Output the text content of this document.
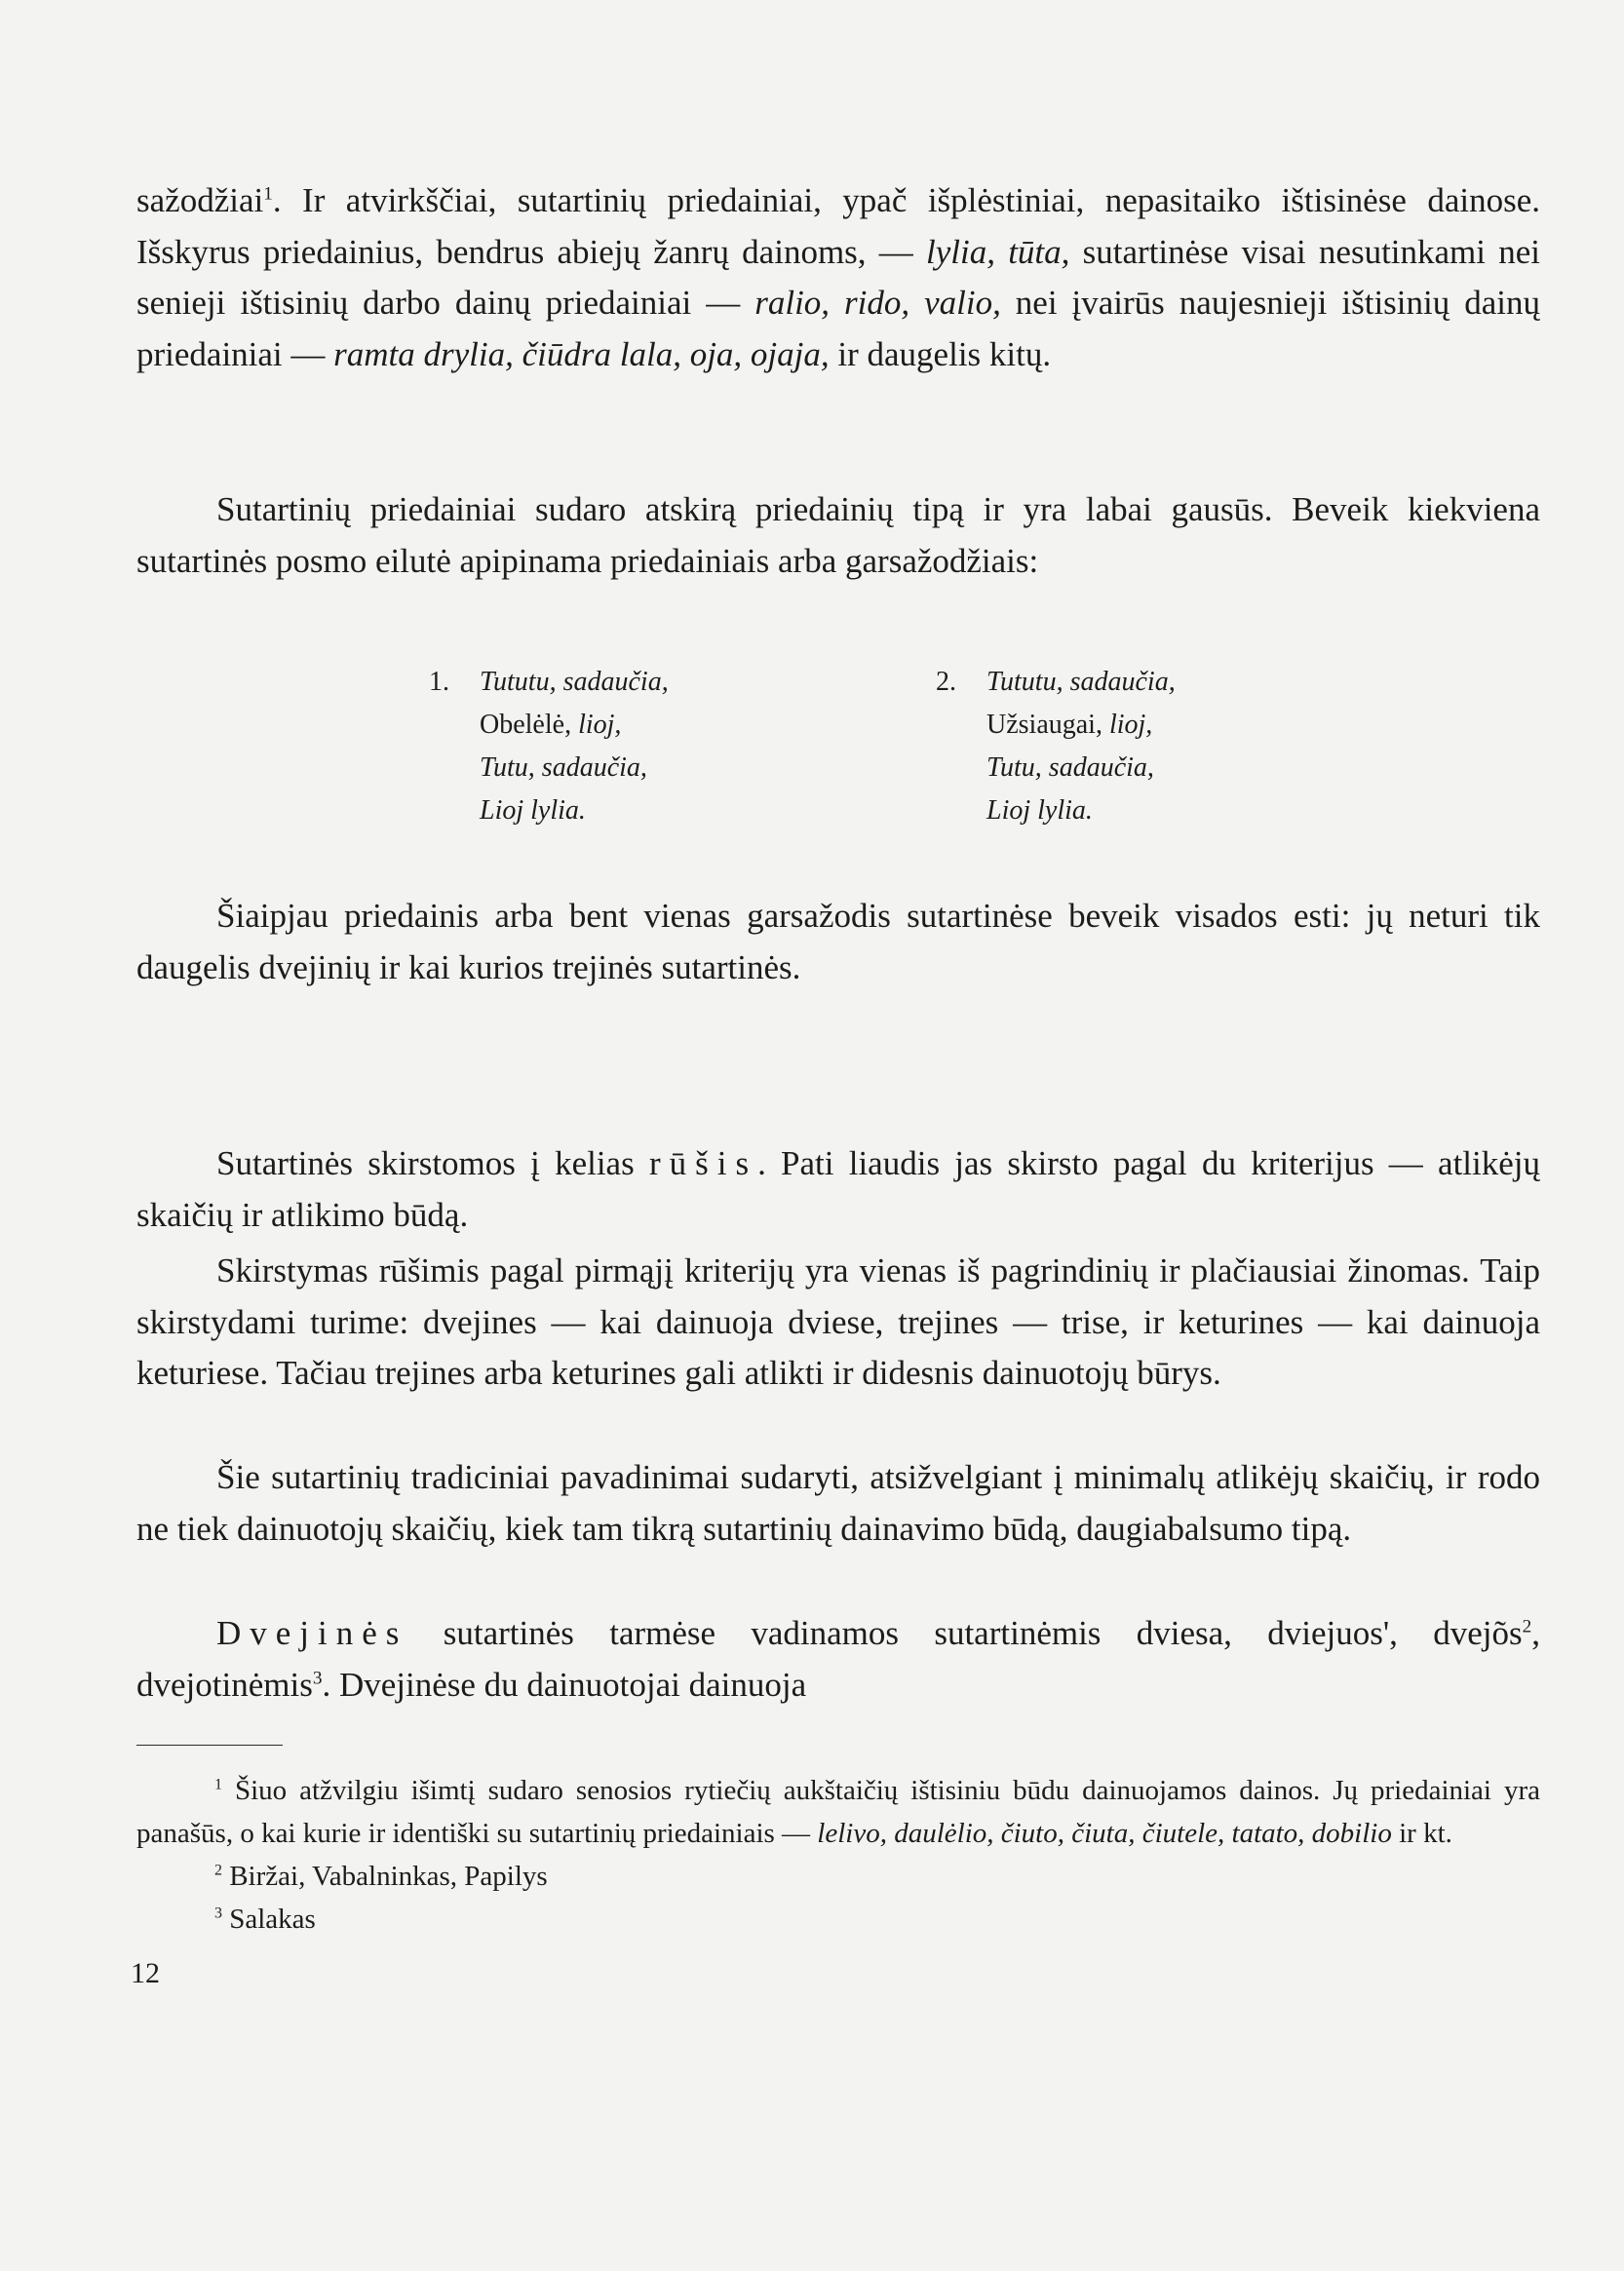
sažodžiai$^1$. Ir atvirkščiai, sutartinių priedainiai, ypač išplėstiniai, nepasitaiko ištisinėse dainose. Išskyrus priedainius, bendrus abiejų žanrų dainoms, — lylia, tūta, sutartinėse visai nesutinkami nei senieji ištisinių darbo dainų priedainiai — ralio, rido, valio, nei įvairūs naujesnieji ištisinių dainų priedainiai — ramta drylia, čiūdra lala, oja, ojaja, ir daugelis kitų.

Sutartinių priedainiai sudaro atskirą priedainių tipą ir yra labai gausūs. Beveik kiekviena sutartinės posmo eilutė apipinama priedainiais arba garsažodžiais:

1.	Tututu, sadaučia,
Obelėlė, lioj,
Tutu, sadaučia,
Lioj lylia.
2.	Tututu, sadaučia,
Užsiaugai, lioj,
Tutu, sadaučia,
Lioj lylia.

Šiaipjau priedainis arba bent vienas garsažodis sutartinėse beveik visados esti: jų neturi tik daugelis dvejinių ir kai kurios trejinės sutartinės.

Sutartinės skirstomos į kelias rūšis. Pati liaudis jas skirsto pagal du kriterijus — atlikėjų skaičių ir atlikimo būdą.

Skirstymas rūšimis pagal pirmąjį kriterijų yra vienas iš pagrindinių ir plačiausiai žinomas. Taip skirstydami turime: dvejines — kai dainuoja dviese, trejines — trise, ir keturines — kai dainuoja keturiese. Tačiau trejines arba keturines gali atlikti ir didesnis dainuotojų būrys.

Šie sutartinių tradiciniai pavadinimai sudaryti, atsižvelgiant į minimalų atlikėjų skaičių, ir rodo ne tiek dainuotojų skaičių, kiek tam tikrą sutartinių dainavimo būdą, daugiabalsumo tipą.

Dvejinės sutartinės tarmėse vadinamos sutartinėmis dviesa, dviejuos', dvejõs$^2$, dvejotinėmis$^3$. Dvejinėse du dainuotojai dainuoja

$^1$ Šiuo atžvilgiu išimtį sudaro senosios rytiečių aukštaičių ištisiniu būdu dainuojamos dainos. Jų priedainiai yra panašūs, o kai kurie ir identiški su sutartinių priedainiais — lelivo, daulėlio, čiuto, čiuta, čiutele, tatato, dobilio ir kt.

$^2$ Biržai, Vabalninkas, Papilys

$^3$ Salakas

12
